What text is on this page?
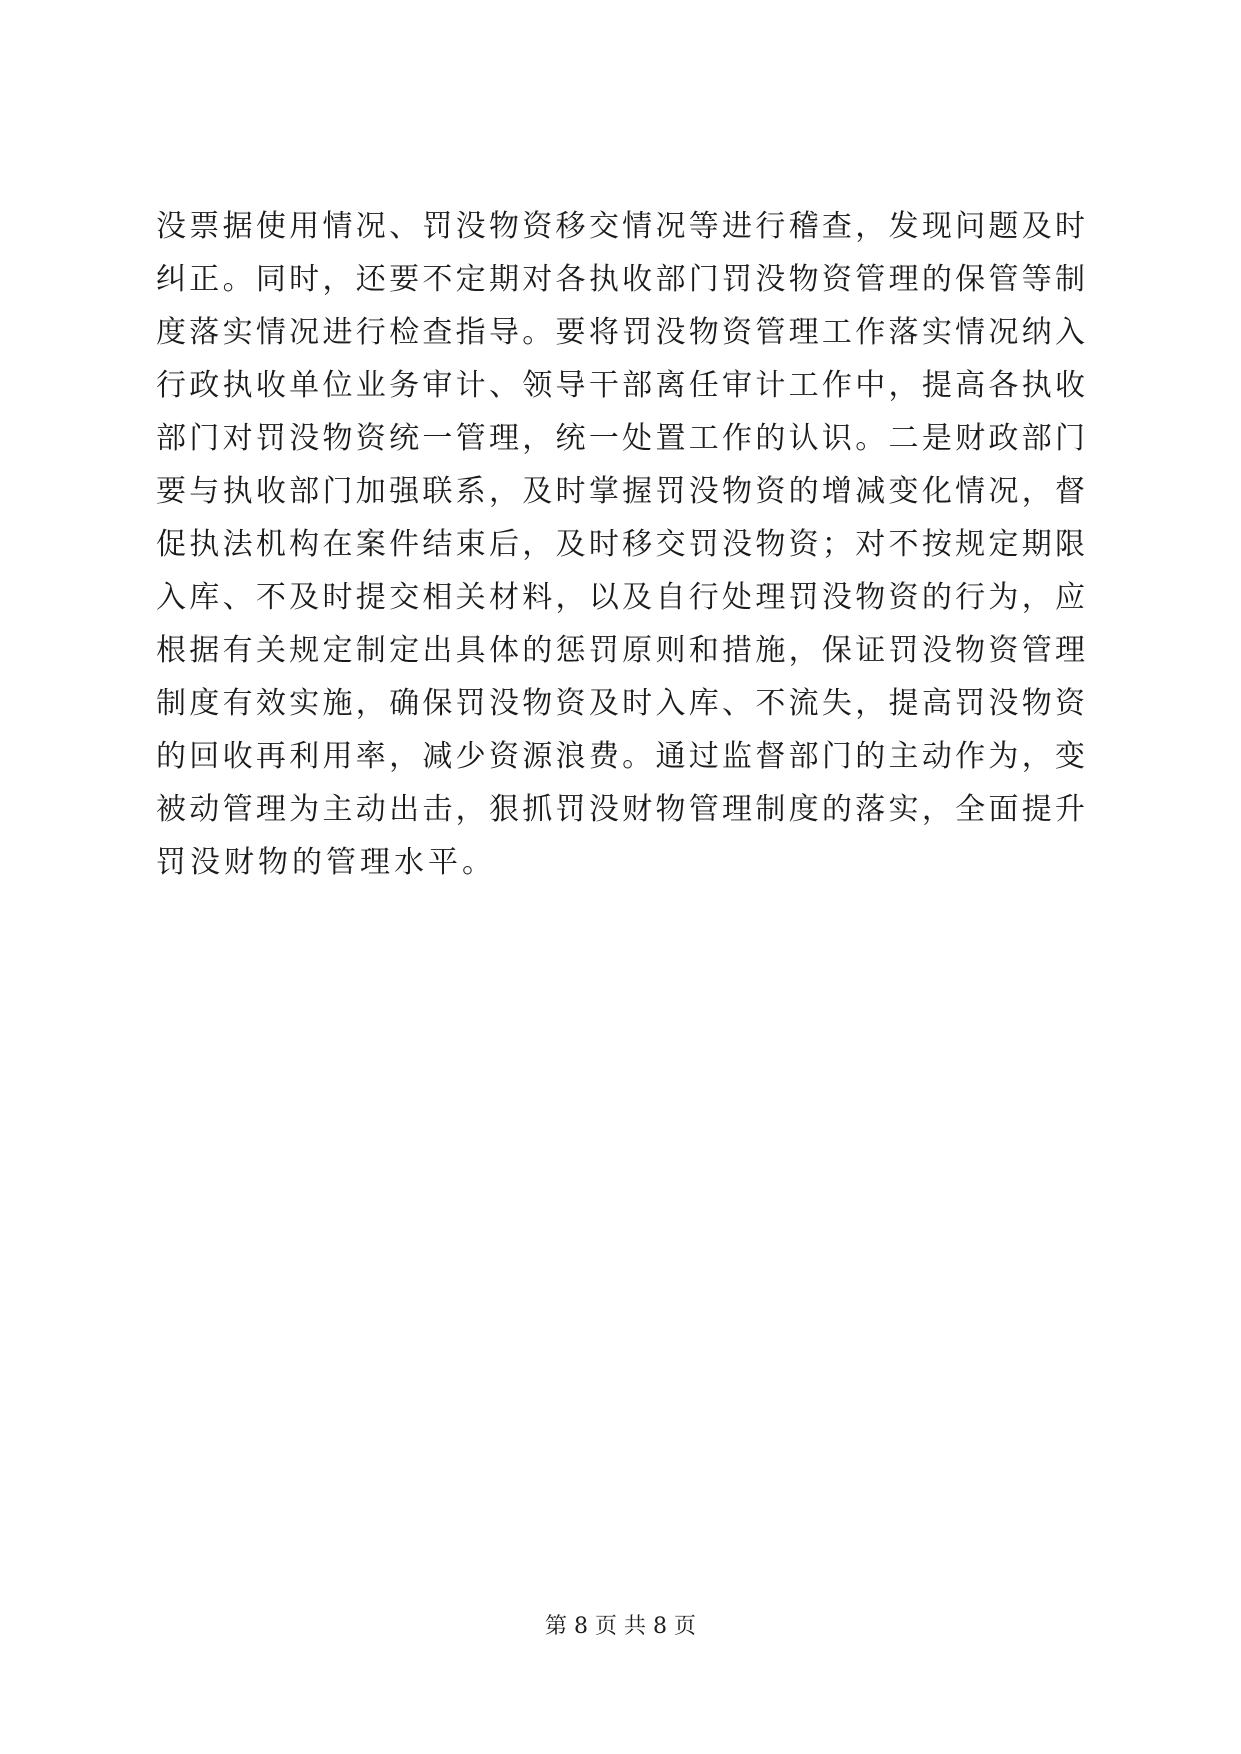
没票据使用情况、罚没物资移交情况等进行稽查，发现问题及时
纠正。同时，还要不定期对各执收部门罚没物资管理的保管等制
度落实情况进行检查指导。要将罚没物资管理工作落实情况纳入
行政执收单位业务审计、领导干部离任审计工作中，提高各执收
部门对罚没物资统一管理，统一处置工作的认识。二是财政部门
要与执收部门加强联系，及时掌握罚没物资的增减变化情况，督
促执法机构在案件结束后，及时移交罚没物资；对不按规定期限
入库、不及时提交相关材料，以及自行处理罚没物资的行为，应
根据有关规定制定出具体的惩罚原则和措施，保证罚没物资管理
制度有效实施，确保罚没物资及时入库、不流失，提高罚没物资
的回收再利用率，减少资源浪费。通过监督部门的主动作为，变
被动管理为主动出击，狠抓罚没财物管理制度的落实，全面提升
罚没财物的管理水平。
第 8 页 共 8 页
